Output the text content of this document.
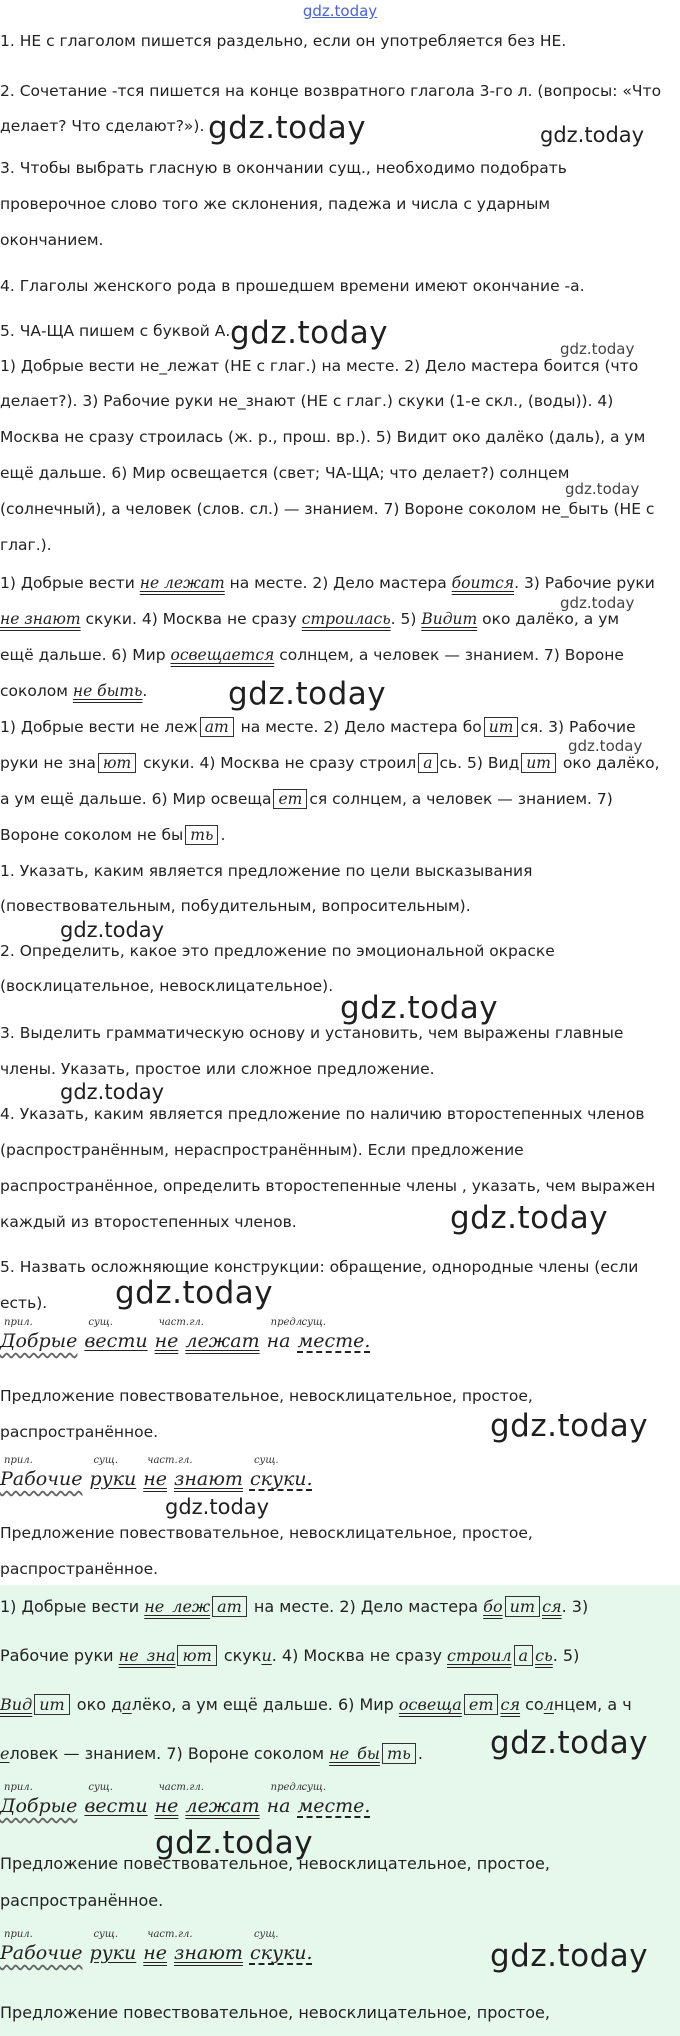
gdz.today
1. НЕ с глаголом пишется раздельно, если он употребляется без НЕ.
2. Сочетание -тся пишется на конце возвратного глагола 3-го л. (вопросы: «Что
делает? Что сделают?»).
3. Чтобы выбрать гласную в окончании сущ., необходимо подобрать
проверочное слово того же склонения, падежа и числа с ударным
окончанием.
4. Глаголы женского рода в прошедшем времени имеют окончание -а.
5. ЧА-ЩА пишем с буквой А.
1) Добрые вести не_лежат (НЕ с глаг.) на месте. 2) Дело мастера боится (что
делает?). 3) Рабочие руки не_знают (НЕ с глаг.) скуки (1-е скл., (воды)). 4)
Москва не сразу строилась (ж. р., прош. вр.). 5) Видит око далёко (даль), а ум
ещё дальше. 6) Мир освещается (свет; ЧА-ЩА; что делает?) солнцем
(солнечный), а человек (слов. сл.) — знанием. 7) Вороне соколом не_быть (НЕ с
глаг.).
1) Добрые вести не лежат на месте. 2) Дело мастера боится. 3) Рабочие руки
не знают скуки. 4) Москва не сразу строилась. 5) Видит око далёко, а ум
ещё дальше. 6) Мир освещается солнцем, а человек — знанием. 7) Вороне
соколом не быть.
1) Добрые вести не леж ат на месте. 2) Дело мастера бо ит ся. 3) Рабочие
руки не зна ют скуки. 4) Москва не сразу строил а сь. 5) Вид ит око далёко,
а ум ещё дальше. 6) Мир освеща ет ся солнцем, а человек — знанием. 7)
Вороне соколом не бы ть .
1. Указать, каким является предложение по цели высказывания
(повествовательным, побудительным, вопросительным).
2. Определить, какое это предложение по эмоциональной окраске
(восклицательное, невосклицательное).
3. Выделить грамматическую основу и установить, чем выражены главные
члены. Указать, простое или сложное предложение.
4. Указать, каким является предложение по наличию второстепенных членов
(распространённым, нераспространённым). Если предложение
распространённое, определить второстепенные члены , указать, чем выражен
каждый из второстепенных членов.
5. Назвать осложняющие конструкции: обращение, однородные члены (если
есть).
прил.
Добрые
сущ.
вести
част.
не
гл.
лежат
предл.
на
сущ.
месте.
Предложение повествовательное, невосклицательное, простое,
распространённое.
прил.
Рабочие
сущ.
руки
част.
не
гл.
знают
сущ.
скуки.
Предложение повествовательное, невосклицательное, простое,
распространённое.
1) Добрые вести не_леж ат на месте. 2) Дело мастера бо ит ся. 3)
Рабочие руки не_зна ют скуки. 4) Москва не сразу строил а сь. 5)
Вид ит око далёко, а ум ещё дальше. 6) Мир освеща ет ся солнцем, а ч
еловек — знанием. 7) Вороне соколом не_бы ть .
прил.
Добрые
сущ.
вести
част.
не
гл.
лежат
предл.
на
сущ.
месте.
Предложение повествовательное, невосклицательное, простое,
распространённое.
прил.
Рабочие
сущ.
руки
част.
не
гл.
знают
сущ.
скуки.
Предложение повествовательное, невосклицательное, простое,
gdz.today	gdz.today
gdz.today	gdz.today
gdz.today
gdz.today
gdz.today
gdz.today
gdz.today
gdz.today
gdz.today
gdz.today
gdz.today
gdz.today
gdz.today
gdz.today
gdz.today
gdz.today
